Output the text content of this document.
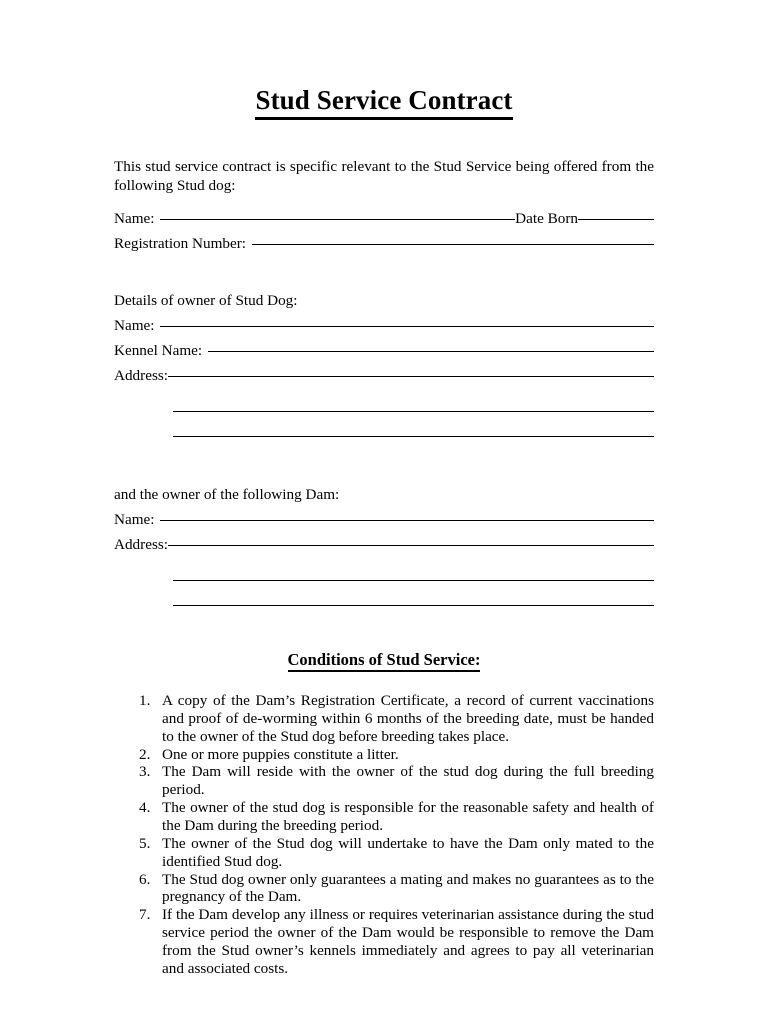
Stud Service Contract

This stud service contract is specific relevant to the Stud Service being offered from the following Stud dog:

Name:	Date Born
Registration Number:
Details of owner of Stud Dog:
Name:
Kennel Name:
Address:
and the owner of the following Dam:
Name:
Address:
Conditions of Stud Service:
1. A copy of the Dam’s Registration Certificate, a record of current vaccinations and proof of de-worming within 6 months of the breeding date, must be handed to the owner of the Stud dog before breeding takes place.
2. One or more puppies constitute a litter.
3. The Dam will reside with the owner of the stud dog during the full breeding period.
4. The owner of the stud dog is responsible for the reasonable safety and health of the Dam during the breeding period.
5. The owner of the Stud dog will undertake to have the Dam only mated to the identified Stud dog.
6. The Stud dog owner only guarantees a mating and makes no guarantees as to the pregnancy of the Dam.
7. If the Dam develop any illness or requires veterinarian assistance during the stud service period the owner of the Dam would be responsible to remove the Dam from the Stud owner’s kennels immediately and agrees to pay all veterinarian and associated costs.
